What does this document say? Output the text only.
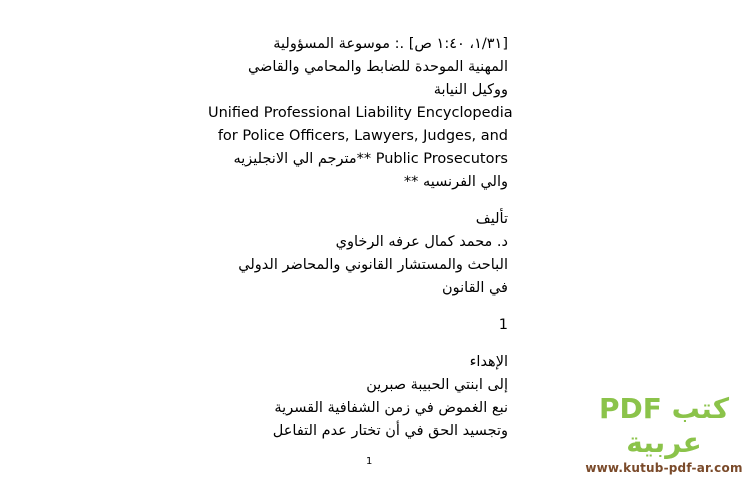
[١/٣١، ١:٤٠ ص] .: موسوعة المسؤولية
المهنية الموحدة للضابط والمحامي والقاضي
ووكيل النيابة
Unified Professional Liability Encyclopedia
for Police Officers, Lawyers, Judges, and
Public Prosecutors **مترجم الي الانجليزيه
والي الفرنسيه **
تأليف
د. محمد كمال عرفه الرخاوي
الباحث والمستشار القانوني والمحاضر الدولي
في القانون
1
الإهداء
إلى ابنتي الحبيبة صبرين
نبع الغموض في زمن الشفافية القسرية
وتجسيد الحق في أن تختار عدم التفاعل
1
كتب PDF عربية
www.kutub-pdf-ar.com
